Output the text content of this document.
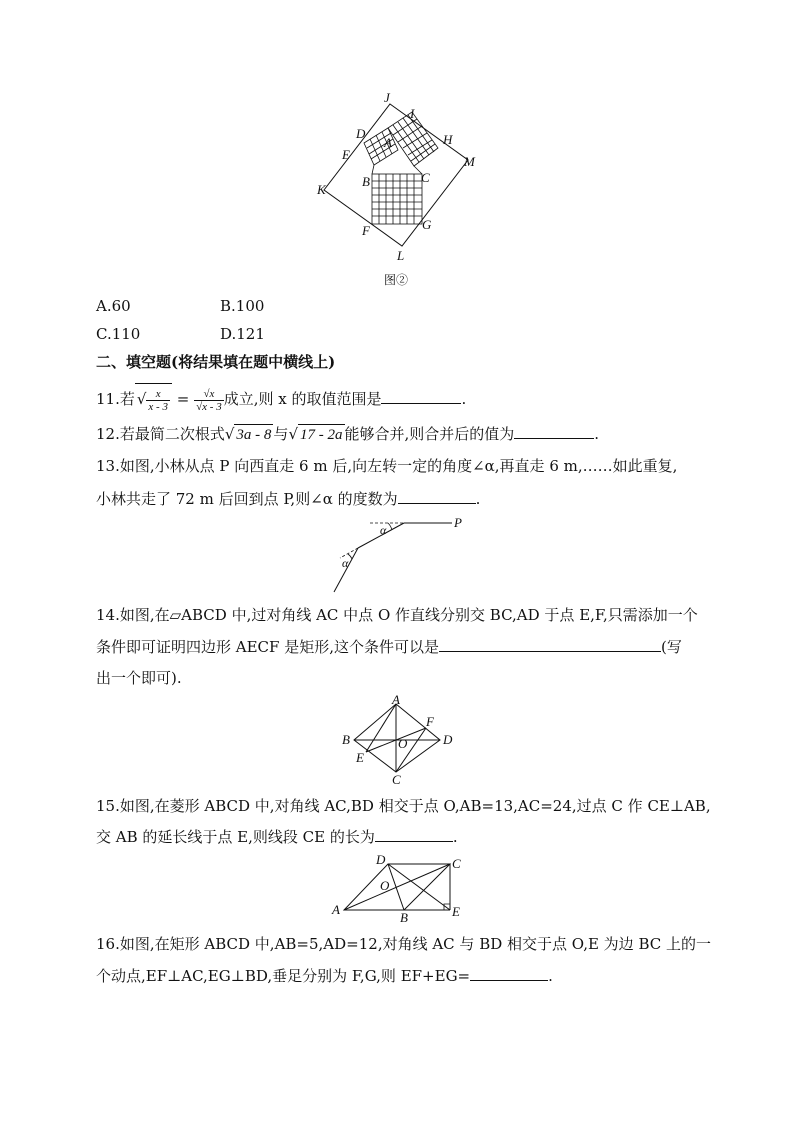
J
I
D
A	H
E	M
K
B	C
F	G
L
图②
A.60	B.100
C.110	D.121
二、填空题(将结果填在题中横线上)
11.若 √ $\frac{x}{x - 3} = \frac{√x}{√x - 3}$ 成立,则 x 的取值范围是	.
12.若最简二次根式√ 3a - 8 与√ 17 - 2a 能够合并,则合并后的值为	.
13.如图,小林从点 P 向西直走 6 m 后,向左转一定的角度∠α,再直走 6 m,……如此重复,
小林共走了 72 m 后回到点 P,则∠α 的度数为	.
P
α
α
14.如图,在▱ABCD 中,过对角线 AC 中点 O 作直线分别交 BC,AD 于点 E,F,只需添加一个
条件即可证明四边形 AECF 是矩形,这个条件可以是	(写
出一个即可).
A
F
B	O	D
E
C
15.如图,在菱形 ABCD 中,对角线 AC,BD 相交于点 O,AB=13,AC=24,过点 C 作 CE⊥AB,
交 AB 的延长线于点 E,则线段 CE 的长为	.
D	C
O
A
B	E
16.如图,在矩形 ABCD 中,AB=5,AD=12,对角线 AC 与 BD 相交于点 O,E 为边 BC 上的一
个动点,EF⊥AC,EG⊥BD,垂足分别为 F,G,则 EF+EG=	.
